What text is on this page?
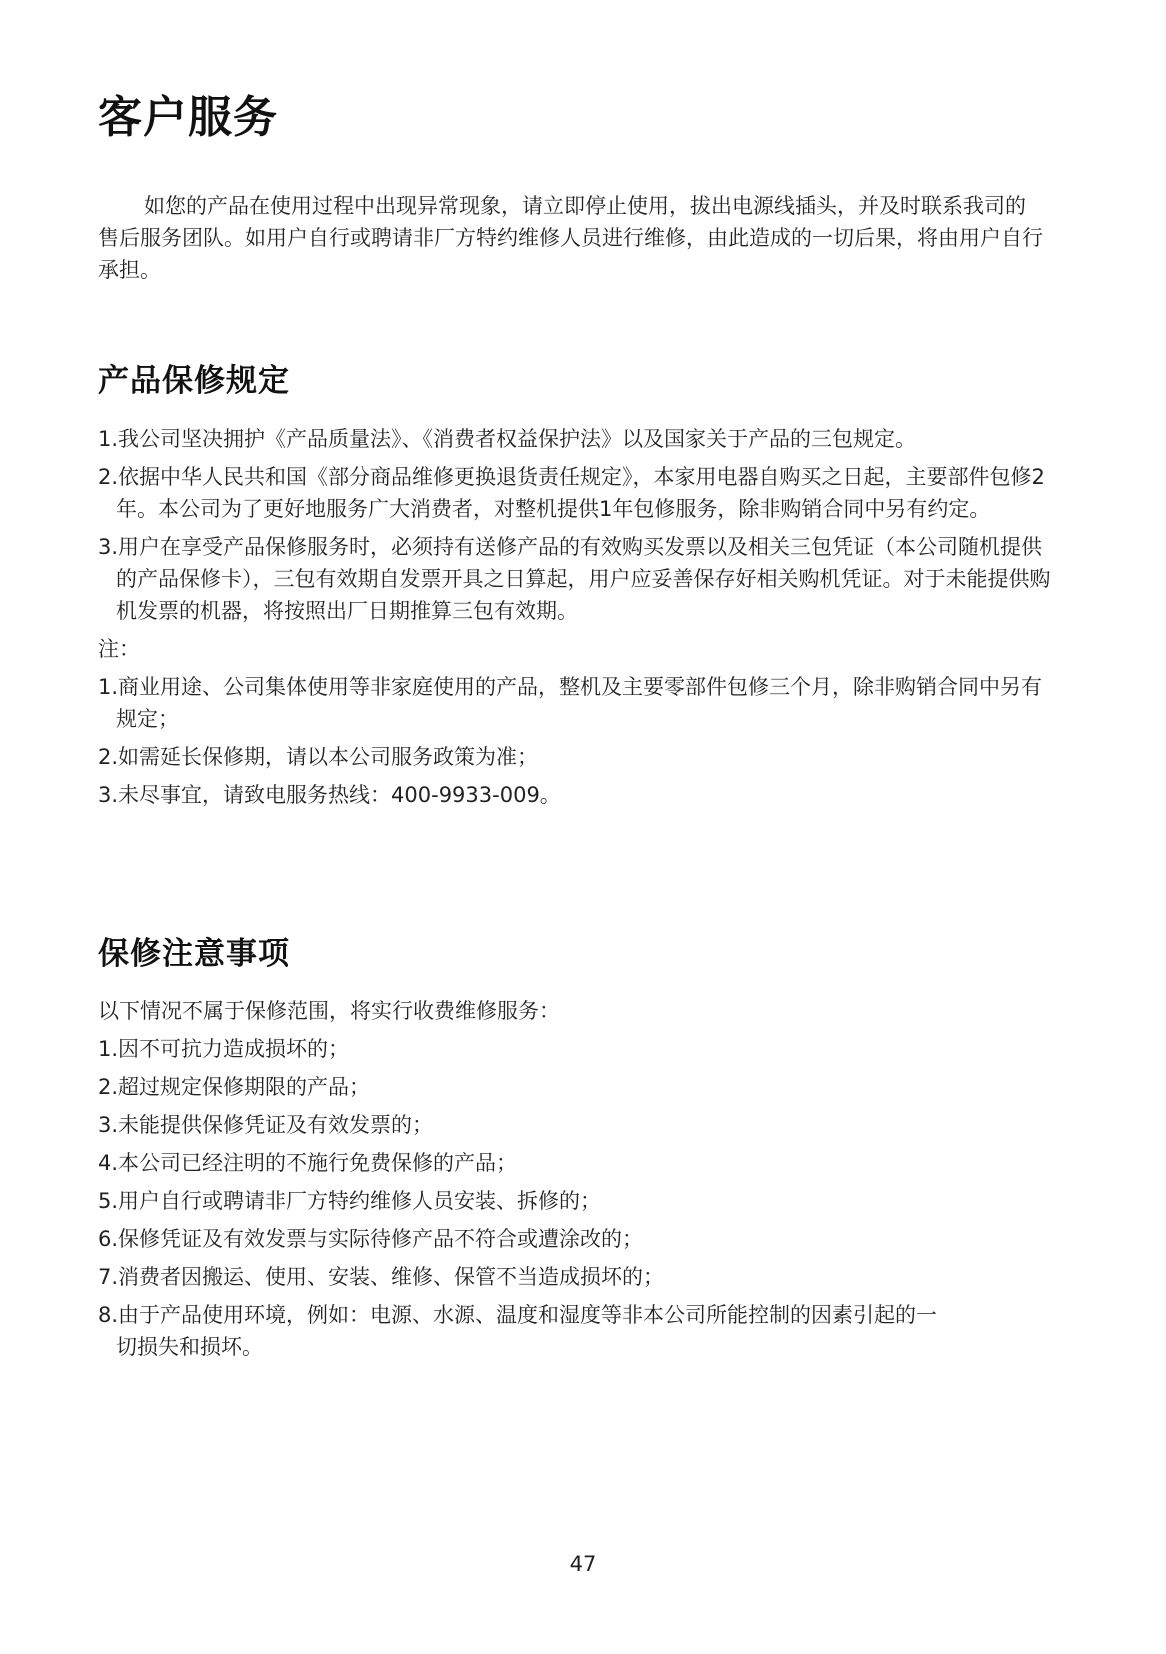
客户服务

如您的产品在使用过程中出现异常现象，请立即停止使用，拔出电源线插头，并及时联系我司的售后服务团队。如用户自行或聘请非厂方特约维修人员进行维修，由此造成的一切后果，将由用户自行承担。

产品保修规定
1.我公司坚决拥护《产品质量法》、《消费者权益保护法》以及国家关于产品的三包规定。
2.依据中华人民共和国《部分商品维修更换退货责任规定》，本家用电器自购买之日起，主要部件包修2年。本公司为了更好地服务广大消费者，对整机提供1年包修服务，除非购销合同中另有约定。
3.用户在享受产品保修服务时，必须持有送修产品的有效购买发票以及相关三包凭证（本公司随机提供的产品保修卡），三包有效期自发票开具之日算起，用户应妥善保存好相关购机凭证。对于未能提供购机发票的机器，将按照出厂日期推算三包有效期。
注：
1.商业用途、公司集体使用等非家庭使用的产品，整机及主要零部件包修三个月，除非购销合同中另有规定；
2.如需延长保修期，请以本公司服务政策为准；
3.未尽事宜，请致电服务热线：400-9933-009。
保修注意事项
以下情况不属于保修范围，将实行收费维修服务：
1.因不可抗力造成损坏的；
2.超过规定保修期限的产品；
3.未能提供保修凭证及有效发票的；
4.本公司已经注明的不施行免费保修的产品；
5.用户自行或聘请非厂方特约维修人员安装、拆修的；
6.保修凭证及有效发票与实际待修产品不符合或遭涂改的；
7.消费者因搬运、使用、安装、维修、保管不当造成损坏的；
8.由于产品使用环境，例如：电源、水源、温度和湿度等非本公司所能控制的因素引起的一切损失和损坏。
47
